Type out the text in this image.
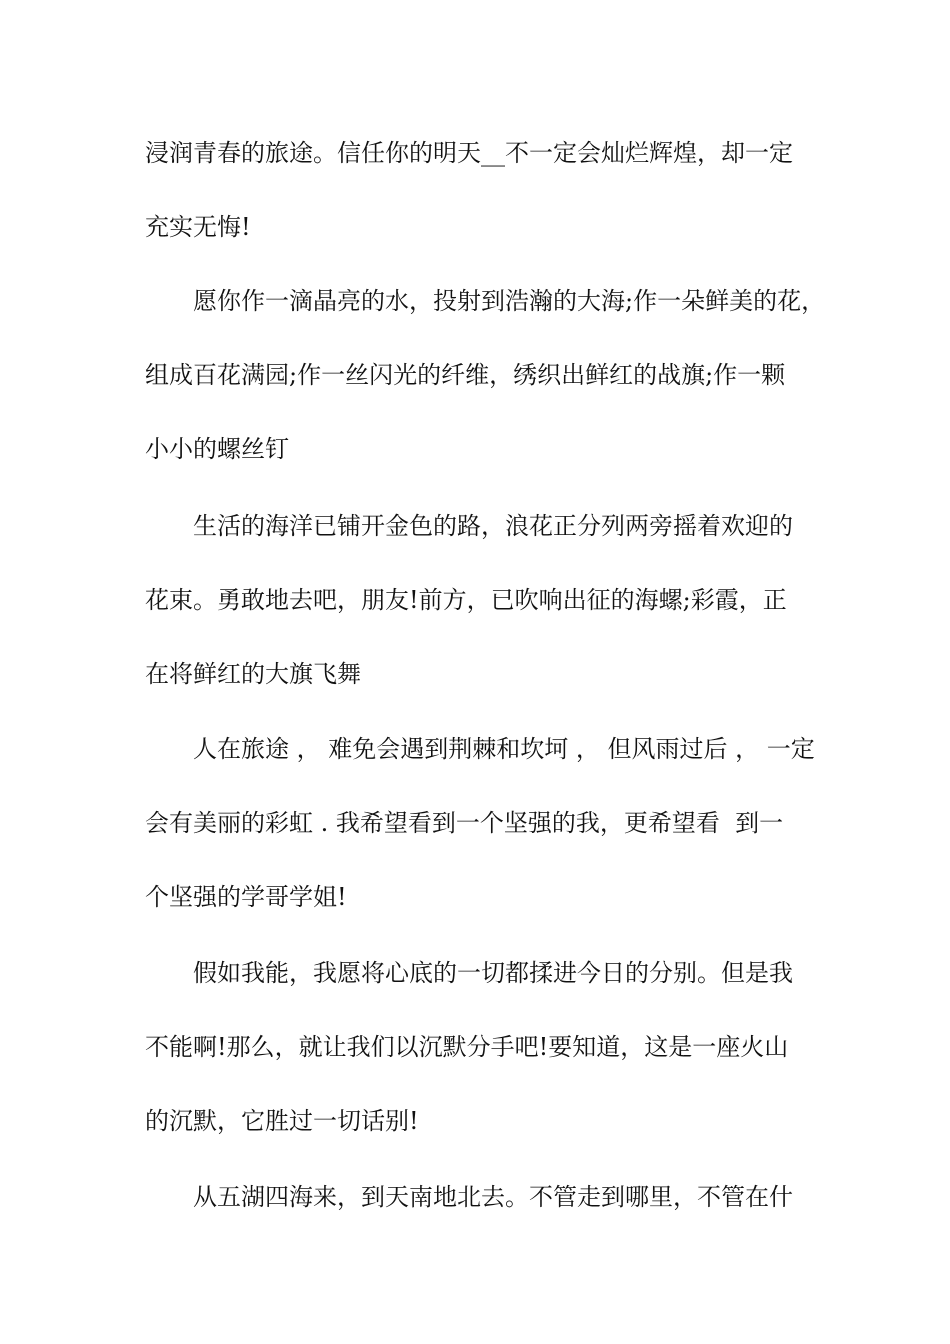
浸润青春的旅途。信任你的明天__不一定会灿烂辉煌，却一定
充实无悔!
愿你作一滴晶亮的水，投射到浩瀚的大海;作一朵鲜美的花，
组成百花满园;作一丝闪光的纤维，绣织出鲜红的战旗;作一颗
小小的螺丝钉
生活的海洋已铺开金色的路，浪花正分列两旁摇着欢迎的
花束。勇敢地去吧，朋友!前方，已吹响出征的海螺;彩霞，正
在将鲜红的大旗飞舞
人在旅途 ， 难免会遇到荆棘和坎坷 ， 但风雨过后 ， 一定
会有美丽的彩虹 . 我希望看到一个坚强的我，更希望看  到一
个坚强的学哥学姐!
假如我能，我愿将心底的一切都揉进今日的分别。但是我
不能啊!那么，就让我们以沉默分手吧!要知道，这是一座火山
的沉默，它胜过一切话别!
从五湖四海来，到天南地北去。不管走到哪里，不管在什
